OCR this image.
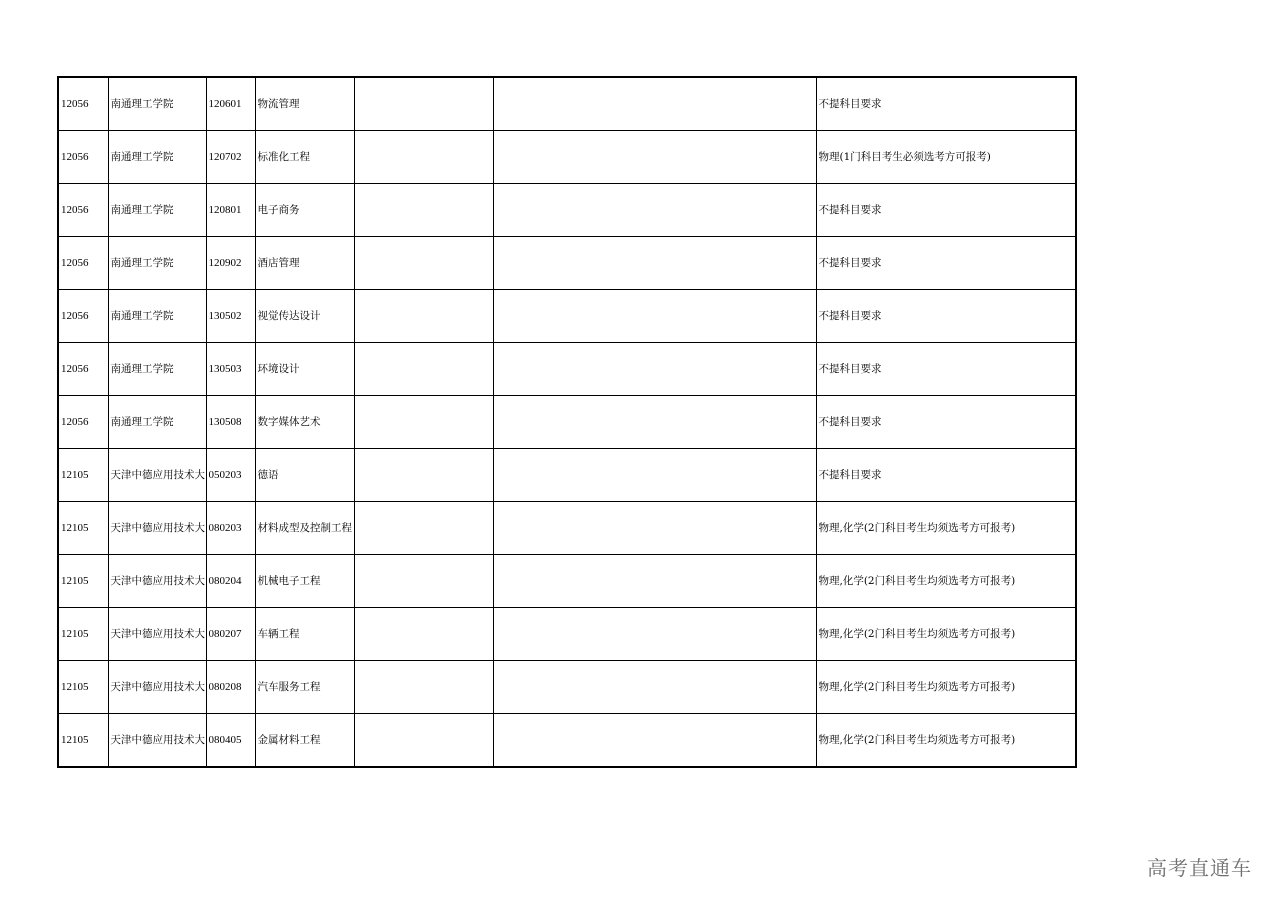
12056	南通理工学院	120601	物流管理			不提科目要求
12056	南通理工学院	120702	标准化工程			物理(1门科目考生必须选考方可报考)
12056	南通理工学院	120801	电子商务			不提科目要求
12056	南通理工学院	120902	酒店管理			不提科目要求
12056	南通理工学院	130502	视觉传达设计			不提科目要求
12056	南通理工学院	130503	环境设计			不提科目要求
12056	南通理工学院	130508	数字媒体艺术			不提科目要求
12105	天津中德应用技术大	050203	德语			不提科目要求
12105	天津中德应用技术大	080203	材料成型及控制工程			物理,化学(2门科目考生均须选考方可报考)
12105	天津中德应用技术大	080204	机械电子工程			物理,化学(2门科目考生均须选考方可报考)
12105	天津中德应用技术大	080207	车辆工程			物理,化学(2门科目考生均须选考方可报考)
12105	天津中德应用技术大	080208	汽车服务工程			物理,化学(2门科目考生均须选考方可报考)
12105	天津中德应用技术大	080405	金属材料工程			物理,化学(2门科目考生均须选考方可报考)
高考直通车
